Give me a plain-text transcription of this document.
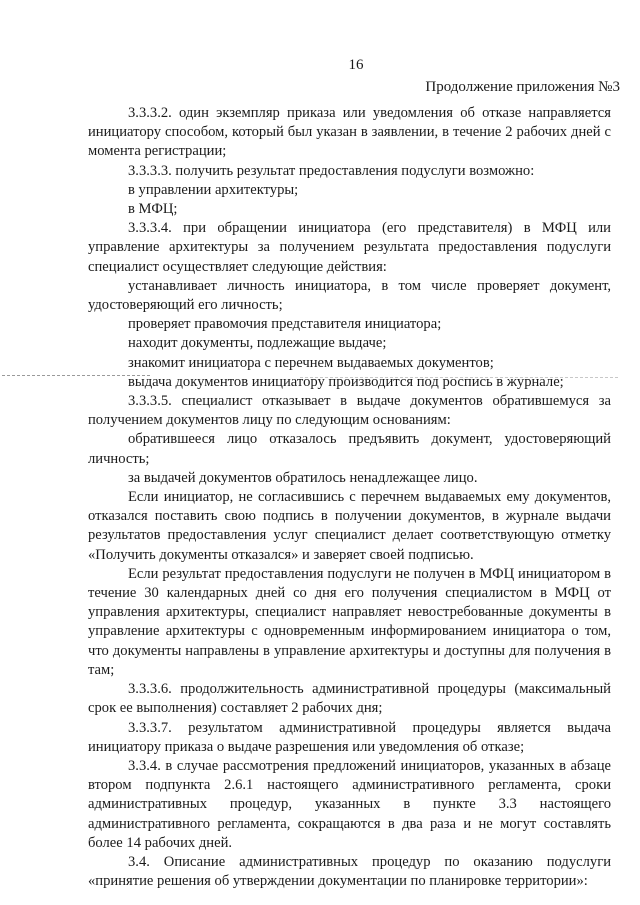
16
Продолжение приложения №3

3.3.3.2. один экземпляр приказа или уведомления об отказе направляется инициатору способом, который был указан в заявлении, в течение 2 рабочих дней с момента регистрации;

3.3.3.3. получить результат предоставления подуслуги возможно:

в управлении архитектуры;

в МФЦ;

3.3.3.4. при обращении инициатора (его представителя) в МФЦ или управление архитектуры за получением результата предоставления подуслуги специалист осуществляет следующие действия:

устанавливает личность инициатора, в том числе проверяет документ, удостоверяющий его личность;

проверяет правомочия представителя инициатора;

находит документы, подлежащие выдаче;

знакомит инициатора с перечнем выдаваемых документов;

выдача документов инициатору производится под роспись в журнале;

3.3.3.5. специалист отказывает в выдаче документов обратившемуся за получением документов лицу по следующим основаниям:

обратившееся лицо отказалось предъявить документ, удостоверяющий личность;

за выдачей документов обратилось ненадлежащее лицо.

Если инициатор, не согласившись с перечнем выдаваемых ему документов, отказался поставить свою подпись в получении документов, в журнале выдачи результатов предоставления услуг специалист делает соответствующую отметку «Получить документы отказался» и заверяет своей подписью.

Если результат предоставления подуслуги не получен в МФЦ инициатором в течение 30 календарных дней со дня его получения специалистом в МФЦ от управления архитектуры, специалист направляет невостребованные документы в управление архитектуры с одновременным информированием инициатора о том, что документы направлены в управление архитектуры и доступны для получения в там;

3.3.3.6. продолжительность административной процедуры (максимальный срок ее выполнения) составляет 2 рабочих дня;

3.3.3.7. результатом административной процедуры является выдача инициатору приказа о выдаче разрешения или уведомления об отказе;

3.3.4. в случае рассмотрения предложений инициаторов, указанных в абзаце втором подпункта 2.6.1 настоящего административного регламента, сроки административных процедур, указанных в пункте 3.3 настоящего административного регламента, сокращаются в два раза и не могут составлять более 14 рабочих дней.

3.4. Описание административных процедур по оказанию подуслуги «принятие решения об утверждении документации по планировке территории»:
